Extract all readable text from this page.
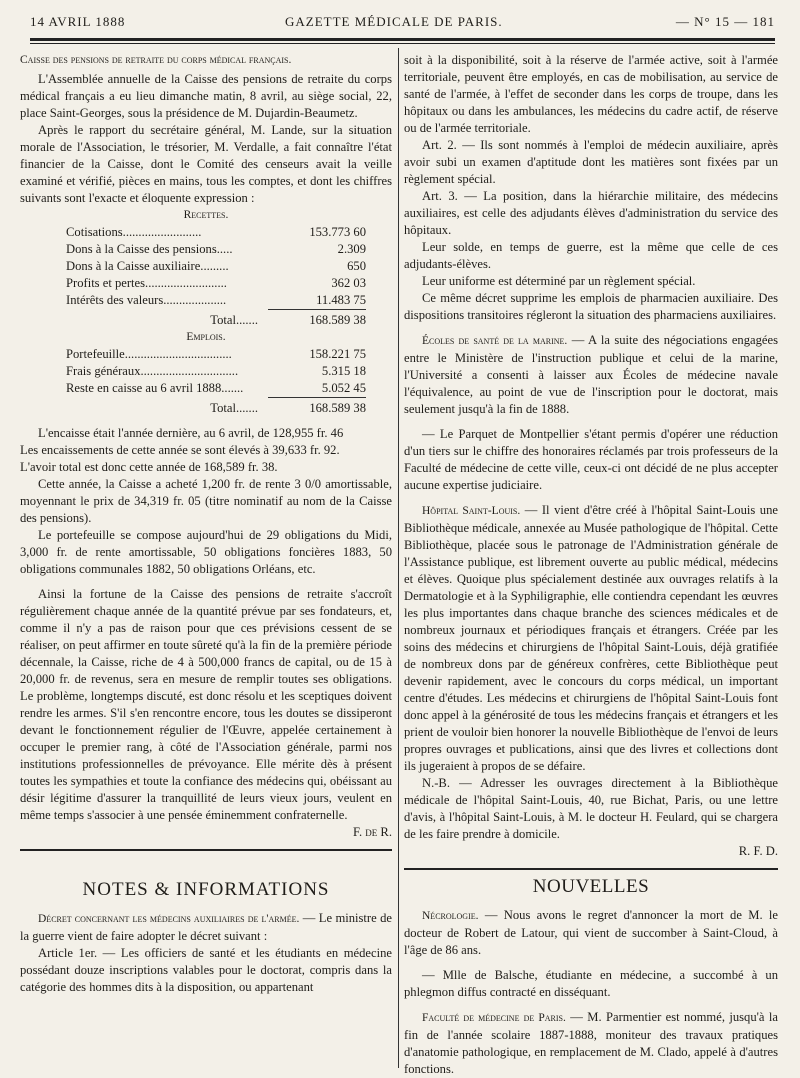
14 AVRIL 1888	GAZETTE MÉDICALE DE PARIS.	— N° 15 — 181

Caisse des pensions de retraite du corps médical français.

L'Assemblée annuelle de la Caisse des pensions de retraite du corps médical français a eu lieu dimanche matin, 8 avril, au siège social, 22, place Saint-Georges, sous la présidence de M. Dujardin-Beaumetz.

Après le rapport du secrétaire général, M. Lande, sur la situation morale de l'Association, le trésorier, M. Verdalle, a fait connaître l'état financier de la Caisse, dont le Comité des censeurs avait la veille examiné et vérifié, pièces en mains, tous les comptes, et dont les chiffres suivants sont l'exacte et éloquente expression :

Recettes.

Cotisations.........................	153.773 60
Dons à la Caisse des pensions.....	2.309
Dons à la Caisse auxiliaire.........	650
Profits et pertes..........................	362 03
Intérêts des valeurs....................	11.483 75
Total.......	168.589 38

Emplois.

Portefeuille..................................	158.221 75
Frais généraux...............................	5.315 18
Reste en caisse au 6 avril 1888.......	5.052 45
Total.......	168.589 38

L'encaisse était l'année dernière, au 6 avril, de 128,955 fr. 46

Les encaissements de cette année se sont élevés à 39,633 fr. 92.

L'avoir total est donc cette année de 168,589 fr. 38.

Cette année, la Caisse a acheté 1,200 fr. de rente 3 0/0 amortissable, moyennant le prix de 34,319 fr. 05 (titre nominatif au nom de la Caisse des pensions).

Le portefeuille se compose aujourd'hui de 29 obligations du Midi, 3,000 fr. de rente amortissable, 50 obligations foncières 1883, 50 obligations communales 1882, 50 obligations Orléans, etc.

Ainsi la fortune de la Caisse des pensions de retraite s'accroît régulièrement chaque année de la quantité prévue par ses fondateurs, et, comme il n'y a pas de raison pour que ces prévisions cessent de se réaliser, on peut affirmer en toute sûreté qu'à la fin de la première période décennale, la Caisse, riche de 4 à 500,000 francs de capital, ou de 15 à 20,000 fr. de revenus, sera en mesure de remplir toutes ses obligations. Le problème, longtemps discuté, est donc résolu et les sceptiques doivent rendre les armes. S'il s'en rencontre encore, tous les doutes se dissiperont devant le fonctionnement régulier de l'Œuvre, appelée certainement à occuper le premier rang, à côté de l'Association générale, parmi nos institutions professionnelles de prévoyance. Elle mérite dès à présent toutes les sympathies et toute la confiance des médecins qui, obéissant au désir légitime d'assurer la tranquillité de leurs vieux jours, veulent en même temps s'associer à une pensée éminemment confraternelle.

F. de R.

NOTES & INFORMATIONS

Décret concernant les médecins auxiliaires de l'armée. — Le ministre de la guerre vient de faire adopter le décret suivant :

Article 1er. — Les officiers de santé et les étudiants en médecine possédant douze inscriptions valables pour le doctorat, compris dans la catégorie des hommes dits à la disposition, ou appartenant

soit à la disponibilité, soit à la réserve de l'armée active, soit à l'armée territoriale, peuvent être employés, en cas de mobilisation, au service de santé de l'armée, à l'effet de seconder dans les corps de troupe, dans les hôpitaux ou dans les ambulances, les médecins du cadre actif, de réserve ou de l'armée territoriale.

Art. 2. — Ils sont nommés à l'emploi de médecin auxiliaire, après avoir subi un examen d'aptitude dont les matières sont fixées par un règlement spécial.

Art. 3. — La position, dans la hiérarchie militaire, des médecins auxiliaires, est celle des adjudants élèves d'administration du service des hôpitaux.

Leur solde, en temps de guerre, est la même que celle de ces adjudants-élèves.

Leur uniforme est déterminé par un règlement spécial.

Ce même décret supprime les emplois de pharmacien auxiliaire. Des dispositions transitoires régleront la situation des pharmaciens auxiliaires.

Écoles de santé de la marine. — A la suite des négociations engagées entre le Ministère de l'instruction publique et celui de la marine, l'Université a consenti à laisser aux Écoles de médecine navale l'équivalence, au point de vue de l'inscription pour le doctorat, mais seulement jusqu'à la fin de 1888.

— Le Parquet de Montpellier s'étant permis d'opérer une réduction d'un tiers sur le chiffre des honoraires réclamés par trois professeurs de la Faculté de médecine de cette ville, ceux-ci ont décidé de ne plus accepter aucune expertise judiciaire.

Hôpital Saint-Louis. — Il vient d'être créé à l'hôpital Saint-Louis une Bibliothèque médicale, annexée au Musée pathologique de l'hôpital. Cette Bibliothèque, placée sous le patronage de l'Administration générale de l'Assistance publique, est librement ouverte au public médical, médecins et élèves. Quoique plus spécialement destinée aux ouvrages relatifs à la Dermatologie et à la Syphiligraphie, elle contiendra cependant les œuvres les plus importantes dans chaque branche des sciences médicales et de nombreux journaux et périodiques français et étrangers. Créée par les soins des médecins et chirurgiens de l'hôpital Saint-Louis, déjà gratifiée de nombreux dons par de généreux confrères, cette Bibliothèque peut devenir rapidement, avec le concours du corps médical, un important centre d'études. Les médecins et chirurgiens de l'hôpital Saint-Louis font donc appel à la générosité de tous les médecins français et étrangers et les prient de vouloir bien honorer la nouvelle Bibliothèque de l'envoi de leurs propres ouvrages et publications, ainsi que des livres et collections dont ils jugeraient à propos de se défaire.

N.-B. — Adresser les ouvrages directement à la Bibliothèque médicale de l'hôpital Saint-Louis, 40, rue Bichat, Paris, ou une lettre d'avis, à l'hôpital Saint-Louis, à M. le docteur H. Feulard, qui se chargera de les faire prendre à domicile.

R. F. D.

NOUVELLES

Nécrologie. — Nous avons le regret d'annoncer la mort de M. le docteur de Robert de Latour, qui vient de succomber à Saint-Cloud, à l'âge de 86 ans.

— Mlle de Balsche, étudiante en médecine, a succombé à un phlegmon diffus contracté en disséquant.

Faculté de médecine de Paris. — M. Parmentier est nommé, jusqu'à la fin de l'année scolaire 1887-1888, moniteur des travaux pratiques d'anatomie pathologique, en remplacement de M. Clado, appelé à d'autres fonctions.
